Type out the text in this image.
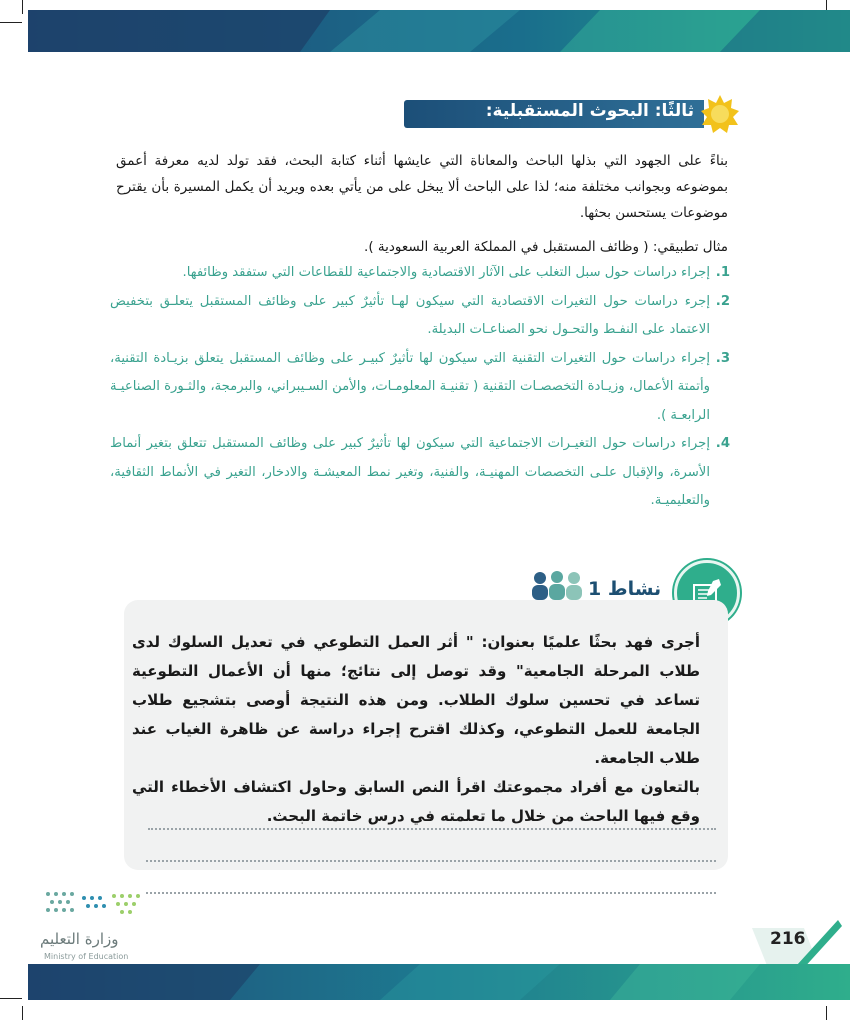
ثالثًا: البحوث المستقبلية:
بناءً على الجهود التي بذلها الباحث والمعاناة التي عايشها أثناء كتابة البحث، فقد تولد لديه معرفة أعمق بموضوعه وبجوانب مختلفة منه؛ لذا على الباحث ألا يبخل على من يأتي بعده ويريد أن يكمل المسيرة بأن يقترح موضوعات يستحسن بحثها.
مثال تطبيقي: ( وظائف المستقبل في المملكة العربية السعودية ).
1.
إجراء دراسات حول سبل التغلب على الآثار الاقتصادية والاجتماعية للقطاعات التي ستفقد وظائفها.
2.
إجرء دراسات حول التغيرات الاقتصادية التي سيكون لهـا تأثيرٌ كبير على وظائف المستقبل يتعلـق بتخفيض الاعتماد على النفـط والتحـول نحو الصناعـات البديلة.
3.
إجراء دراسات حول التغيرات التقنية التي سيكون لها تأثيرٌ كبيـر على وظائف المستقبل يتعلق بزيـادة التقنية، وأتمتة الأعمال، وزيـادة التخصصـات التقنية ( تقنيـة المعلومـات، والأمن السـيبراني، والبرمجة، والثـورة الصناعيـة الرابعـة ).
4.
إجراء دراسات حول التغيـرات الاجتماعية التي سيكون لها تأثيرٌ كبير على وظائف المستقبل تتعلق بتغير أنماط الأسرة، والإقبال علـى التخصصات المهنيـة، والفنية، وتغير نمط المعيشـة والادخار، التغير في الأنماط الثقافية، والتعليميـة.
نشاط 1
أجرى فهد بحثًا علميًا بعنوان: " أثر العمل التطوعي في تعديل السلوك لدى طلاب المرحلة الجامعية" وقد توصل إلى نتائج؛ منها أن الأعمال التطوعية تساعد في تحسين سلوك الطلاب. ومن هذه النتيجة أوصى بتشجيع طلاب الجامعة للعمل التطوعي، وكذلك اقترح إجراء دراسة عن ظاهرة الغياب عند طلاب الجامعة.
بالتعاون مع أفراد مجموعتك اقرأ النص السابق وحاول اكتشاف الأخطاء التي وقع فيها الباحث من خلال ما تعلمته في درس خاتمة البحث.
وزارة التعليم
Ministry of Education
216
